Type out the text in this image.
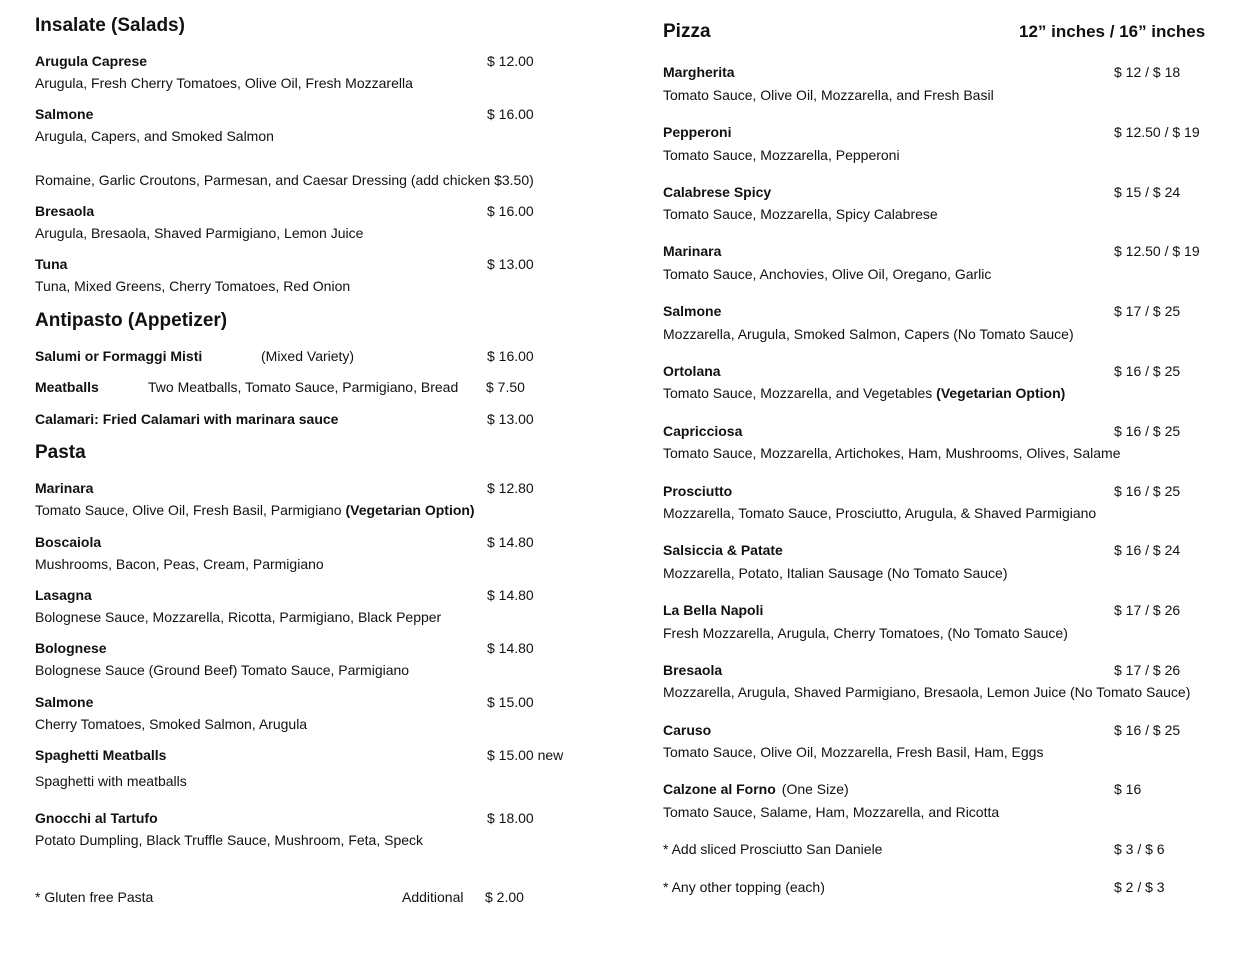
Insalate (Salads)
Arugula Caprese	$ 12.00
Arugula, Fresh Cherry Tomatoes, Olive Oil, Fresh Mozzarella
Salmone	$ 16.00
Arugula, Capers, and Smoked Salmon
Romaine, Garlic Croutons, Parmesan, and Caesar Dressing (add chicken $3.50)
Bresaola	$ 16.00
Arugula, Bresaola, Shaved Parmigiano, Lemon Juice
Tuna	$ 13.00
Tuna, Mixed Greens, Cherry Tomatoes, Red Onion
Antipasto (Appetizer)
Salumi or Formaggi Misti	(Mixed Variety)	$ 16.00
Meatballs	Two Meatballs, Tomato Sauce, Parmigiano, Bread $ 7.50
Calamari: Fried Calamari with marinara sauce	$ 13.00
Pasta
Marinara	$ 12.80
Tomato Sauce, Olive Oil, Fresh Basil, Parmigiano (Vegetarian Option)
Boscaiola	$ 14.80
Mushrooms, Bacon, Peas, Cream, Parmigiano
Lasagna	$ 14.80
Bolognese Sauce, Mozzarella, Ricotta, Parmigiano, Black Pepper
Bolognese	$ 14.80
Bolognese Sauce (Ground Beef) Tomato Sauce, Parmigiano
Salmone	$ 15.00
Cherry Tomatoes, Smoked Salmon, Arugula
Spaghetti Meatballs	$ 15.00 new
Spaghetti with meatballs
Gnocchi al Tartufo	$ 18.00
Potato Dumpling, Black Truffle Sauce, Mushroom, Feta, Speck
* Gluten free Pasta	Additional $ 2.00
Pizza	12” inches / 16” inches
Margherita	$ 12 / $ 18
Tomato Sauce, Olive Oil, Mozzarella, and Fresh Basil
Pepperoni	$ 12.50 / $ 19
Tomato Sauce, Mozzarella, Pepperoni
Calabrese Spicy	$ 15 / $ 24
Tomato Sauce, Mozzarella, Spicy Calabrese
Marinara	$ 12.50 / $ 19
Tomato Sauce, Anchovies, Olive Oil, Oregano, Garlic
Salmone	$ 17 / $ 25
Mozzarella, Arugula, Smoked Salmon, Capers (No Tomato Sauce)
Ortolana	$ 16 / $ 25
Tomato Sauce, Mozzarella, and Vegetables (Vegetarian Option)
Capricciosa	$ 16 / $ 25
Tomato Sauce, Mozzarella, Artichokes, Ham, Mushrooms, Olives, Salame
Prosciutto	$ 16 / $ 25
Mozzarella, Tomato Sauce, Prosciutto, Arugula, & Shaved Parmigiano
Salsiccia & Patate	$ 16 / $ 24
Mozzarella, Potato, Italian Sausage (No Tomato Sauce)
La Bella Napoli	$ 17 / $ 26
Fresh Mozzarella, Arugula, Cherry Tomatoes, (No Tomato Sauce)
Bresaola	$ 17 / $ 26
Mozzarella, Arugula, Shaved Parmigiano, Bresaola, Lemon Juice (No Tomato Sauce)
Caruso	$ 16 / $ 25
Tomato Sauce, Olive Oil, Mozzarella, Fresh Basil, Ham, Eggs
Calzone al Forno (One Size)	$ 16
Tomato Sauce, Salame, Ham, Mozzarella, and Ricotta
* Add sliced Prosciutto San Daniele	$ 3 / $ 6
* Any other topping (each)	$ 2 / $ 3
